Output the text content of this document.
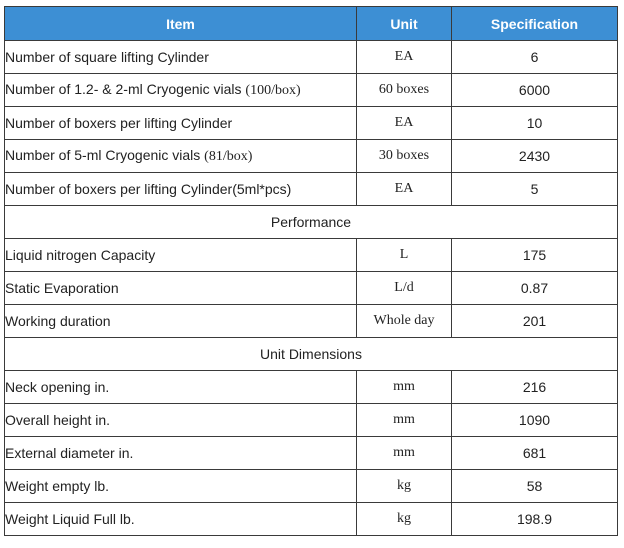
Item	Unit	Specification
Number of square lifting Cylinder	EA	6
Number of 1.2- & 2-ml Cryogenic vials (100/box)	60 boxes	6000
Number of boxers per lifting Cylinder	EA	10
Number of 5-ml Cryogenic vials (81/box)	30 boxes	2430
Number of boxers per lifting Cylinder(5ml*pcs)	EA	5
Performance		
Liquid nitrogen Capacity	L	175
Static Evaporation	L/d	0.87
Working duration	Whole day	201
Unit Dimensions		
Neck opening in.	mm	216
Overall height in.	mm	1090
External diameter in.	mm	681
Weight empty lb.	kg	58
Weight Liquid Full lb.	kg	198.9
